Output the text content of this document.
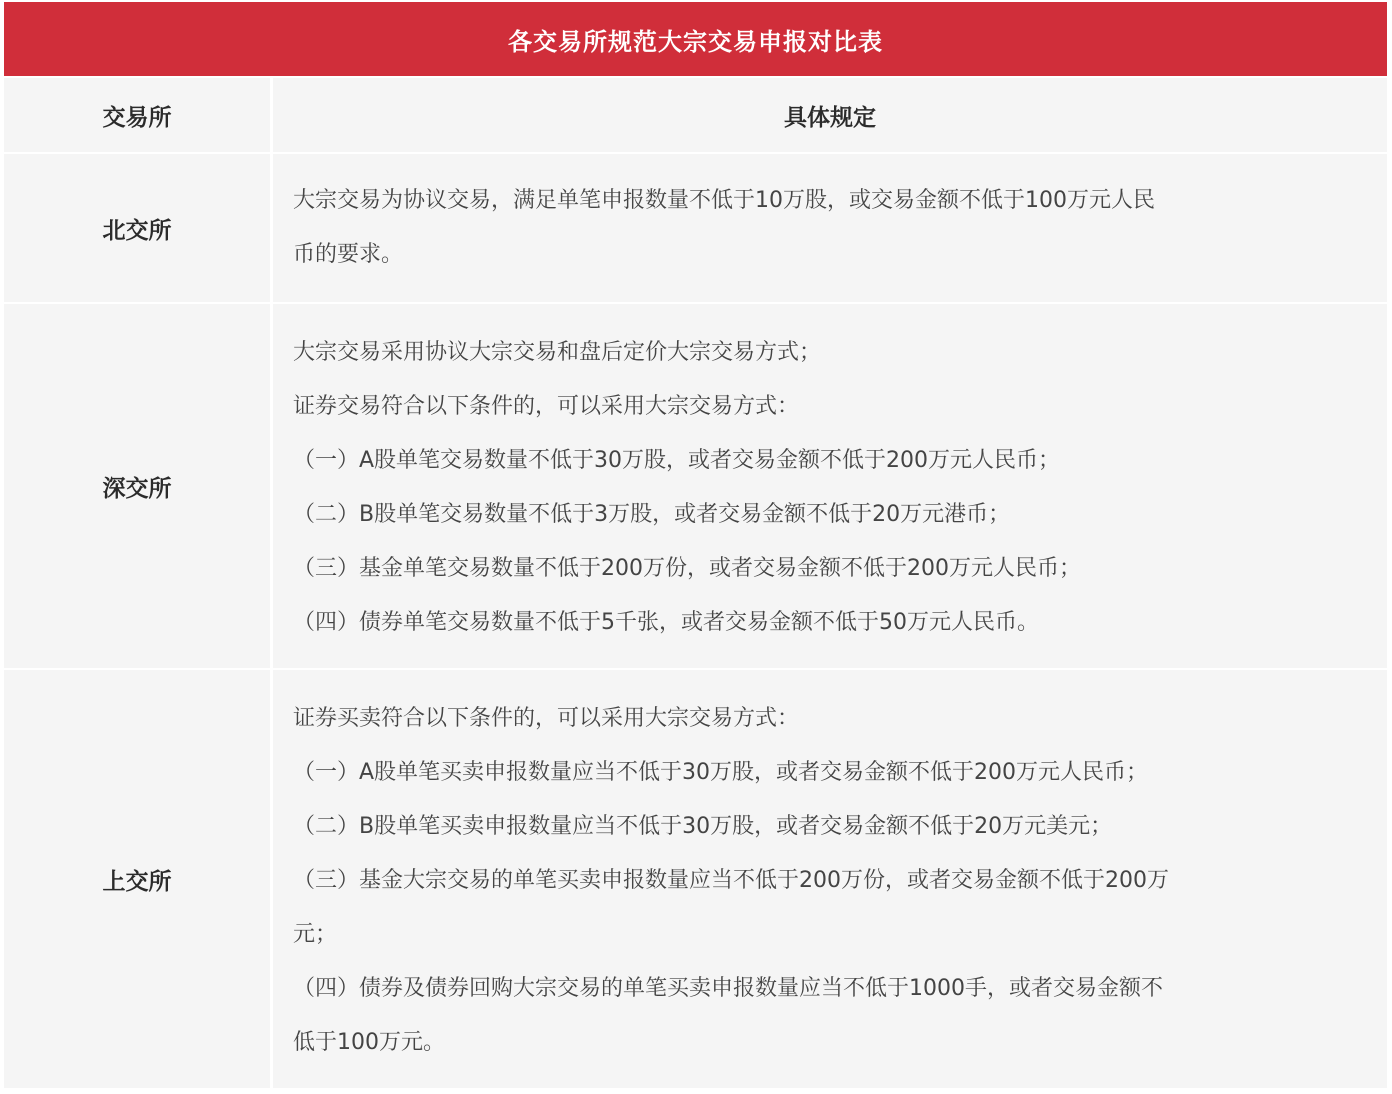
各交易所规范大宗交易申报对比表
交易所	具体规定
北交所
大宗交易为协议交易，满足单笔申报数量不低于10万股，或交易金额不低于100万元人民
币的要求。
深交所
大宗交易采用协议大宗交易和盘后定价大宗交易方式；
证券交易符合以下条件的，可以采用大宗交易方式：
（一）A股单笔交易数量不低于30万股，或者交易金额不低于200万元人民币；
（二）B股单笔交易数量不低于3万股，或者交易金额不低于20万元港币；
（三）基金单笔交易数量不低于200万份，或者交易金额不低于200万元人民币；
（四）债券单笔交易数量不低于5千张，或者交易金额不低于50万元人民币。
上交所
证券买卖符合以下条件的，可以采用大宗交易方式：
（一）A股单笔买卖申报数量应当不低于30万股，或者交易金额不低于200万元人民币；
（二）B股单笔买卖申报数量应当不低于30万股，或者交易金额不低于20万元美元；
（三）基金大宗交易的单笔买卖申报数量应当不低于200万份，或者交易金额不低于200万
元；
（四）债券及债券回购大宗交易的单笔买卖申报数量应当不低于1000手，或者交易金额不
低于100万元。
